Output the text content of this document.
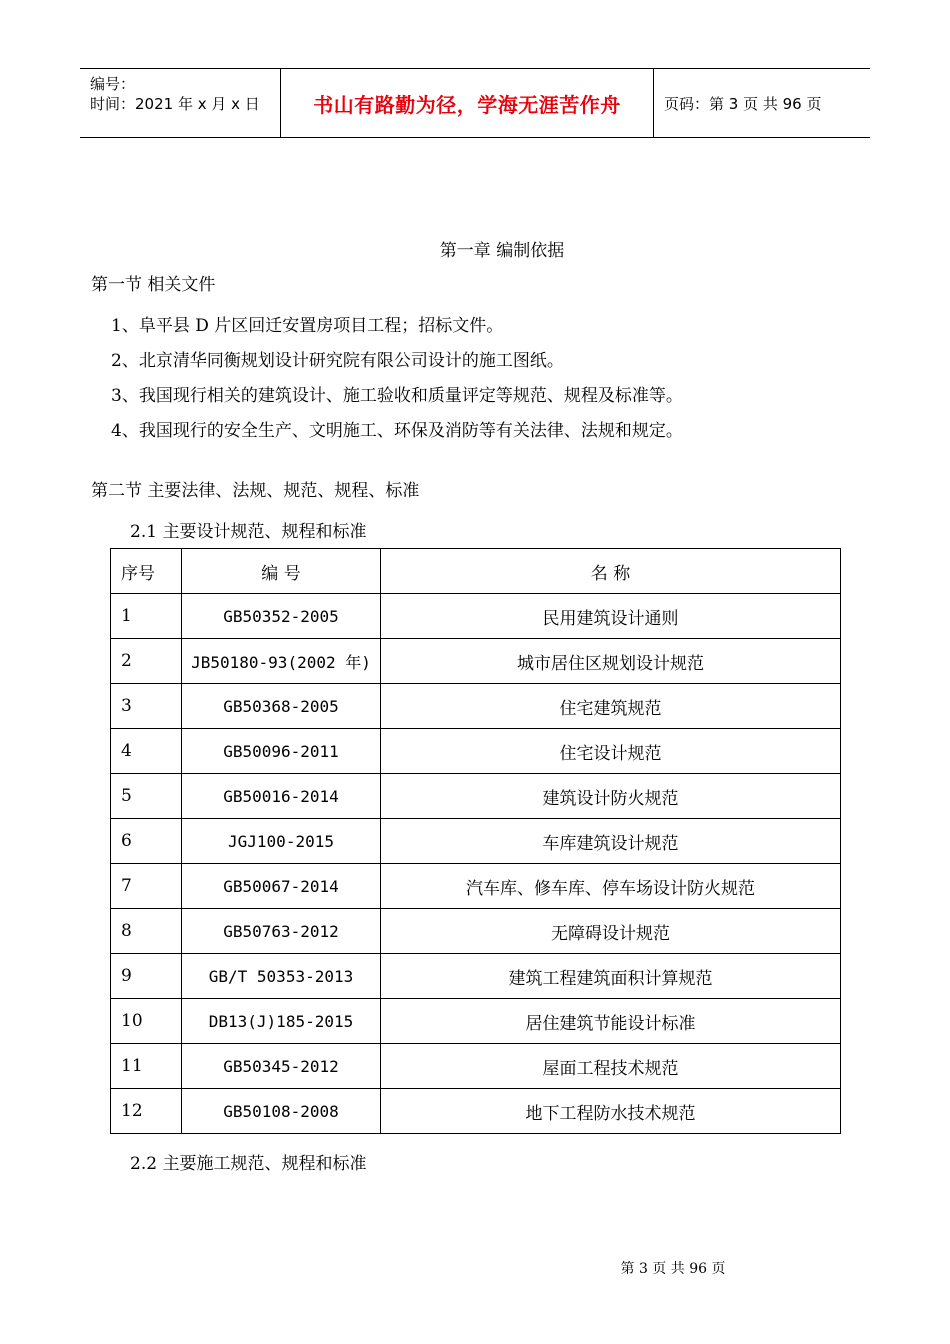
编号：
时间：2021 年 x 月 x 日	书山有路勤为径，学海无涯苦作舟	页码：第 3 页 共 96 页
第一章 编制依据
第一节 相关文件
1、阜平县 D 片区回迁安置房项目工程；招标文件。
2、北京清华同衡规划设计研究院有限公司设计的施工图纸。
3、我国现行相关的建筑设计、施工验收和质量评定等规范、规程及标准等。
4、我国现行的安全生产、文明施工、环保及消防等有关法律、法规和规定。
第二节 主要法律、法规、规范、规程、标准
2.1 主要设计规范、规程和标准
序号	编 号	名 称
1	GB50352-2005	民用建筑设计通则
2	JB50180-93(2002 年)	城市居住区规划设计规范
3	GB50368-2005	住宅建筑规范
4	GB50096-2011	住宅设计规范
5	GB50016-2014	建筑设计防火规范
6	JGJ100-2015	车库建筑设计规范
7	GB50067-2014	汽车库、修车库、停车场设计防火规范
8	GB50763-2012	无障碍设计规范
9	GB/T 50353-2013	建筑工程建筑面积计算规范
10	DB13(J)185-2015	居住建筑节能设计标准
11	GB50345-2012	屋面工程技术规范
12	GB50108-2008	地下工程防水技术规范
2.2 主要施工规范、规程和标准
第 3 页 共 96 页
